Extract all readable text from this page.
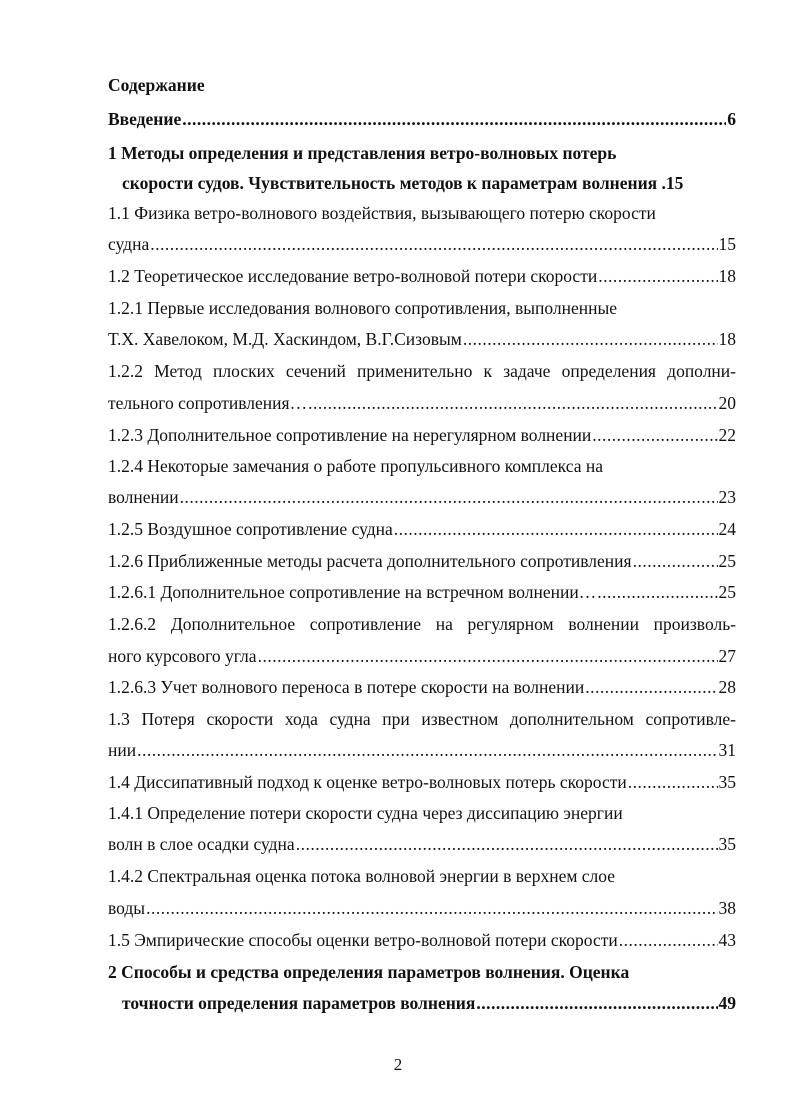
Содержание
Введение .....	6
1 Методы определения и представления ветро-волновых потерь
скорости судов. Чувствительность методов к параметрам волнения .15
1.1 Физика ветро-волнового воздействия, вызывающего потерю скорости
судна .....	15
1.2 Теоретическое исследование ветро-волновой потери скорости .....	18
1.2.1 Первые исследования волнового сопротивления, выполненные
Т.Х. Хавелоком, М.Д. Хаскиндом, В.Г.Сизовым .....	18
1.2.2 Метод плоских сечений применительно к задаче определения дополни-
тельного сопротивления… .....	20
1.2.3 Дополнительное сопротивление на нерегулярном волнении .....	22
1.2.4 Некоторые замечания о работе пропульсивного комплекса на
волнении .....	23
1.2.5 Воздушное сопротивление судна .....	24
1.2.6 Приближенные методы расчета дополнительного сопротивления .....	25
1.2.6.1 Дополнительное сопротивление на встречном волнении… .....	25
1.2.6.2 Дополнительное сопротивление на регулярном волнении произволь-
ного курсового угла .....	27
1.2.6.3 Учет волнового переноса в потере скорости на волнении .....	28
1.3 Потеря скорости хода судна при известном дополнительном сопротивле-
нии .....	31
1.4 Диссипативный подход к оценке ветро-волновых потерь скорости .....	35
1.4.1 Определение потери скорости судна через диссипацию энергии
волн в слое осадки судна .....	35
1.4.2 Спектральная оценка потока волновой энергии в верхнем слое
воды .....	38
1.5 Эмпирические способы оценки ветро-волновой потери скорости .....	43
2 Способы и средства определения параметров волнения. Оценка
точности определения параметров волнения .....	49
2
